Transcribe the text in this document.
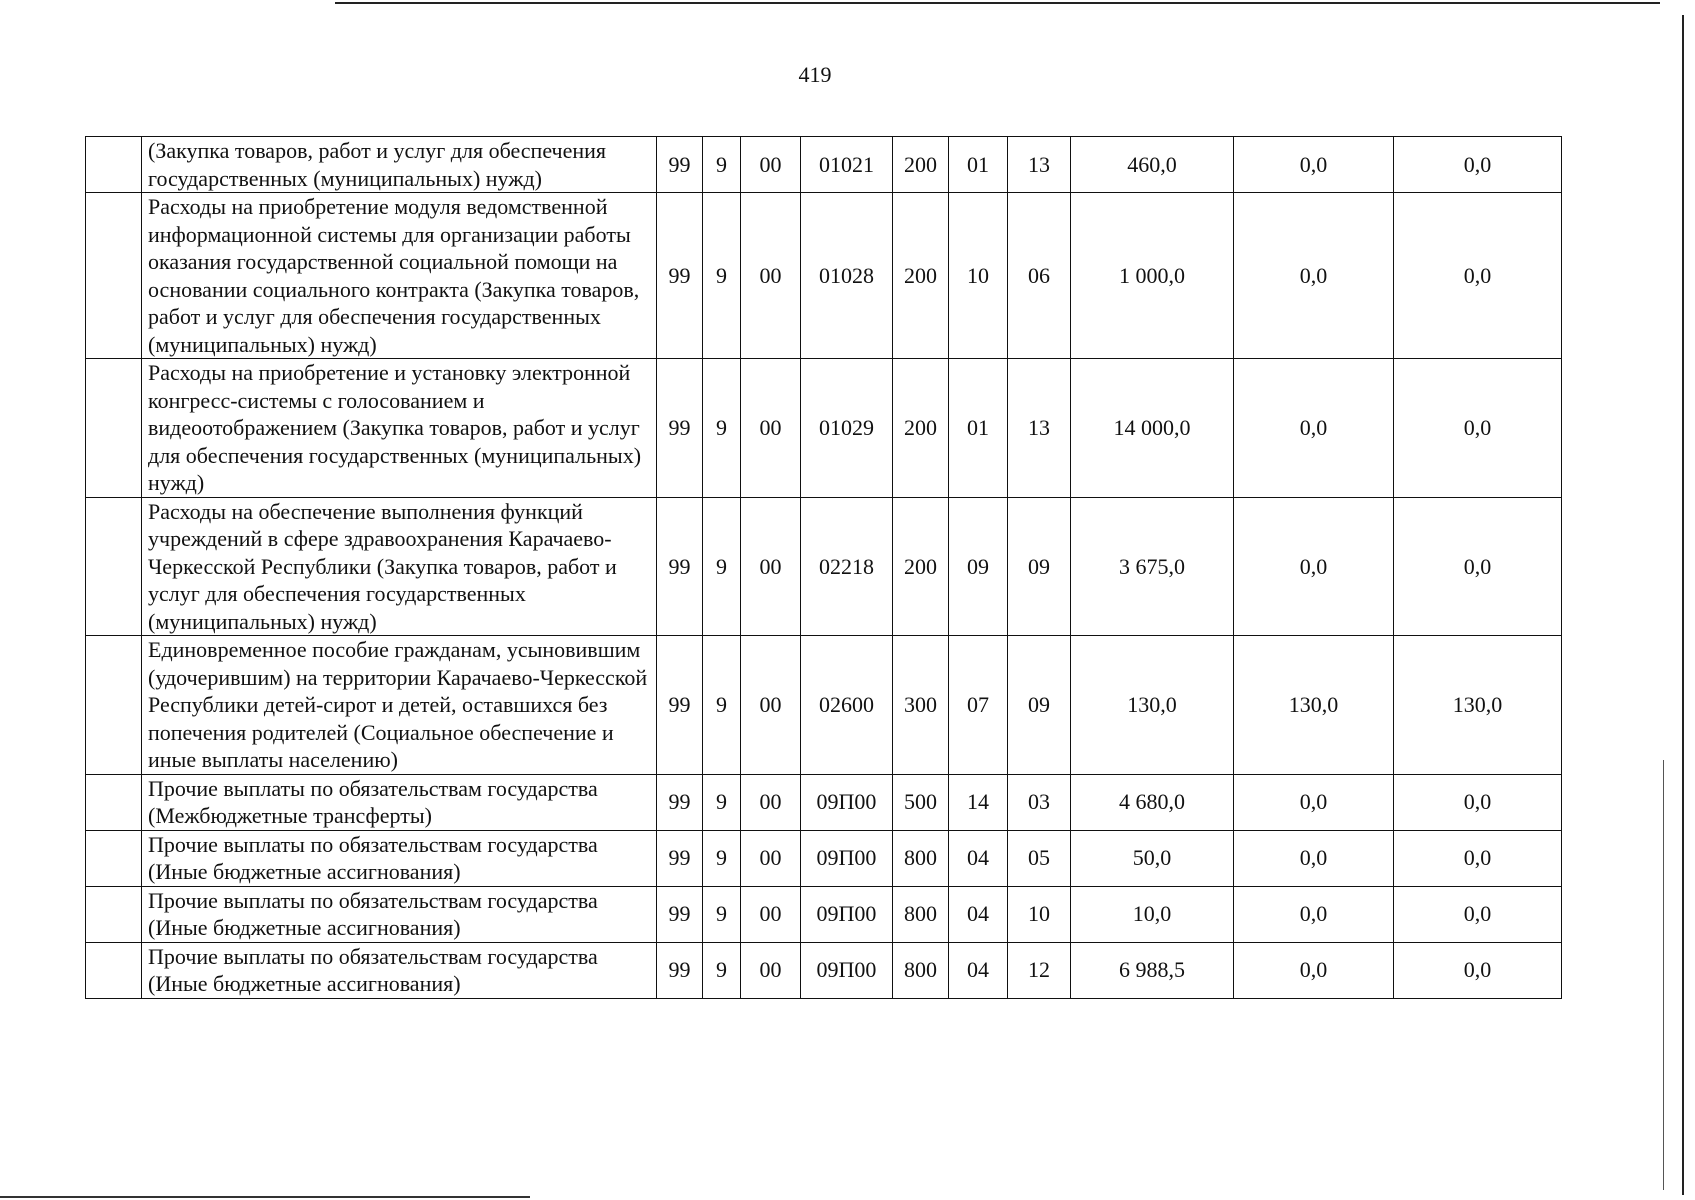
419
	(Закупка товаров, работ и услуг для обеспечения государственных (муниципальных) нужд)	99	9	00	01021	200	01	13	460,0	0,0	0,0
	Расходы на приобретение модуля ведомственной информационной системы для организации работы оказания государственной социальной помощи на основании социального контракта (Закупка товаров, работ и услуг для обеспечения государственных (муниципальных) нужд)	99	9	00	01028	200	10	06	1 000,0	0,0	0,0
	Расходы на приобретение и установку электронной конгресс-системы с голосованием и видеоотображением (Закупка товаров, работ и услуг для обеспечения государственных (муниципальных) нужд)	99	9	00	01029	200	01	13	14 000,0	0,0	0,0
	Расходы на обеспечение выполнения функций учреждений в сфере здравоохранения Карачаево-Черкесской Республики (Закупка товаров, работ и услуг для обеспечения государственных (муниципальных) нужд)	99	9	00	02218	200	09	09	3 675,0	0,0	0,0
	Единовременное пособие гражданам, усыновившим (удочерившим) на территории Карачаево-Черкесской Республики детей-сирот и детей, оставшихся без попечения родителей (Социальное обеспечение и иные выплаты населению)	99	9	00	02600	300	07	09	130,0	130,0	130,0
	Прочие выплаты по обязательствам государства (Межбюджетные трансферты)	99	9	00	09П00	500	14	03	4 680,0	0,0	0,0
	Прочие выплаты по обязательствам государства (Иные бюджетные ассигнования)	99	9	00	09П00	800	04	05	50,0	0,0	0,0
	Прочие выплаты по обязательствам государства (Иные бюджетные ассигнования)	99	9	00	09П00	800	04	10	10,0	0,0	0,0
	Прочие выплаты по обязательствам государства (Иные бюджетные ассигнования)	99	9	00	09П00	800	04	12	6 988,5	0,0	0,0
